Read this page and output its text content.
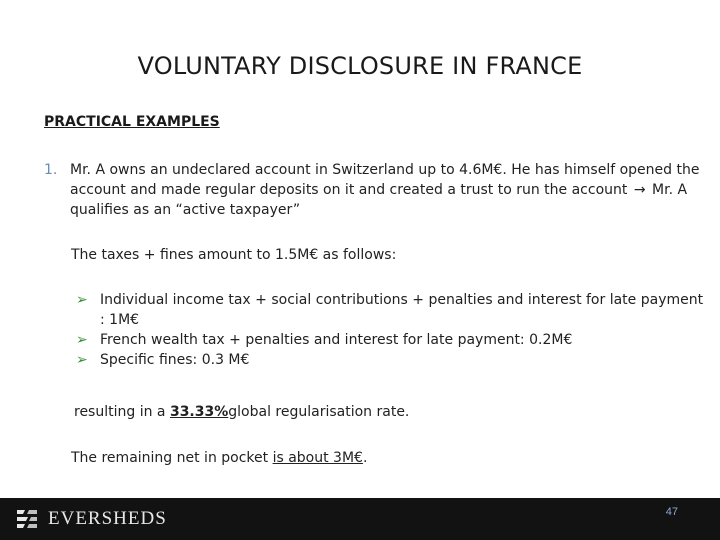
VOLUNTARY DISCLOSURE IN FRANCE
PRACTICAL EXAMPLES
1. Mr. A owns an undeclared account in Switzerland up to 4.6M€. He has himself opened the account and made regular deposits on it and created a trust to run the account → Mr. A qualifies as an “active taxpayer”
The taxes + fines amount to 1.5M€ as follows:
➢ Individual income tax + social contributions + penalties and interest for late payment : 1M€
➢ French wealth tax + penalties and interest for late payment: 0.2M€
➢ Specific fines: 0.3 M€
resulting in a 33.33%global regularisation rate.
The remaining net in pocket is about 3M€.
EVERSHEDS	47
